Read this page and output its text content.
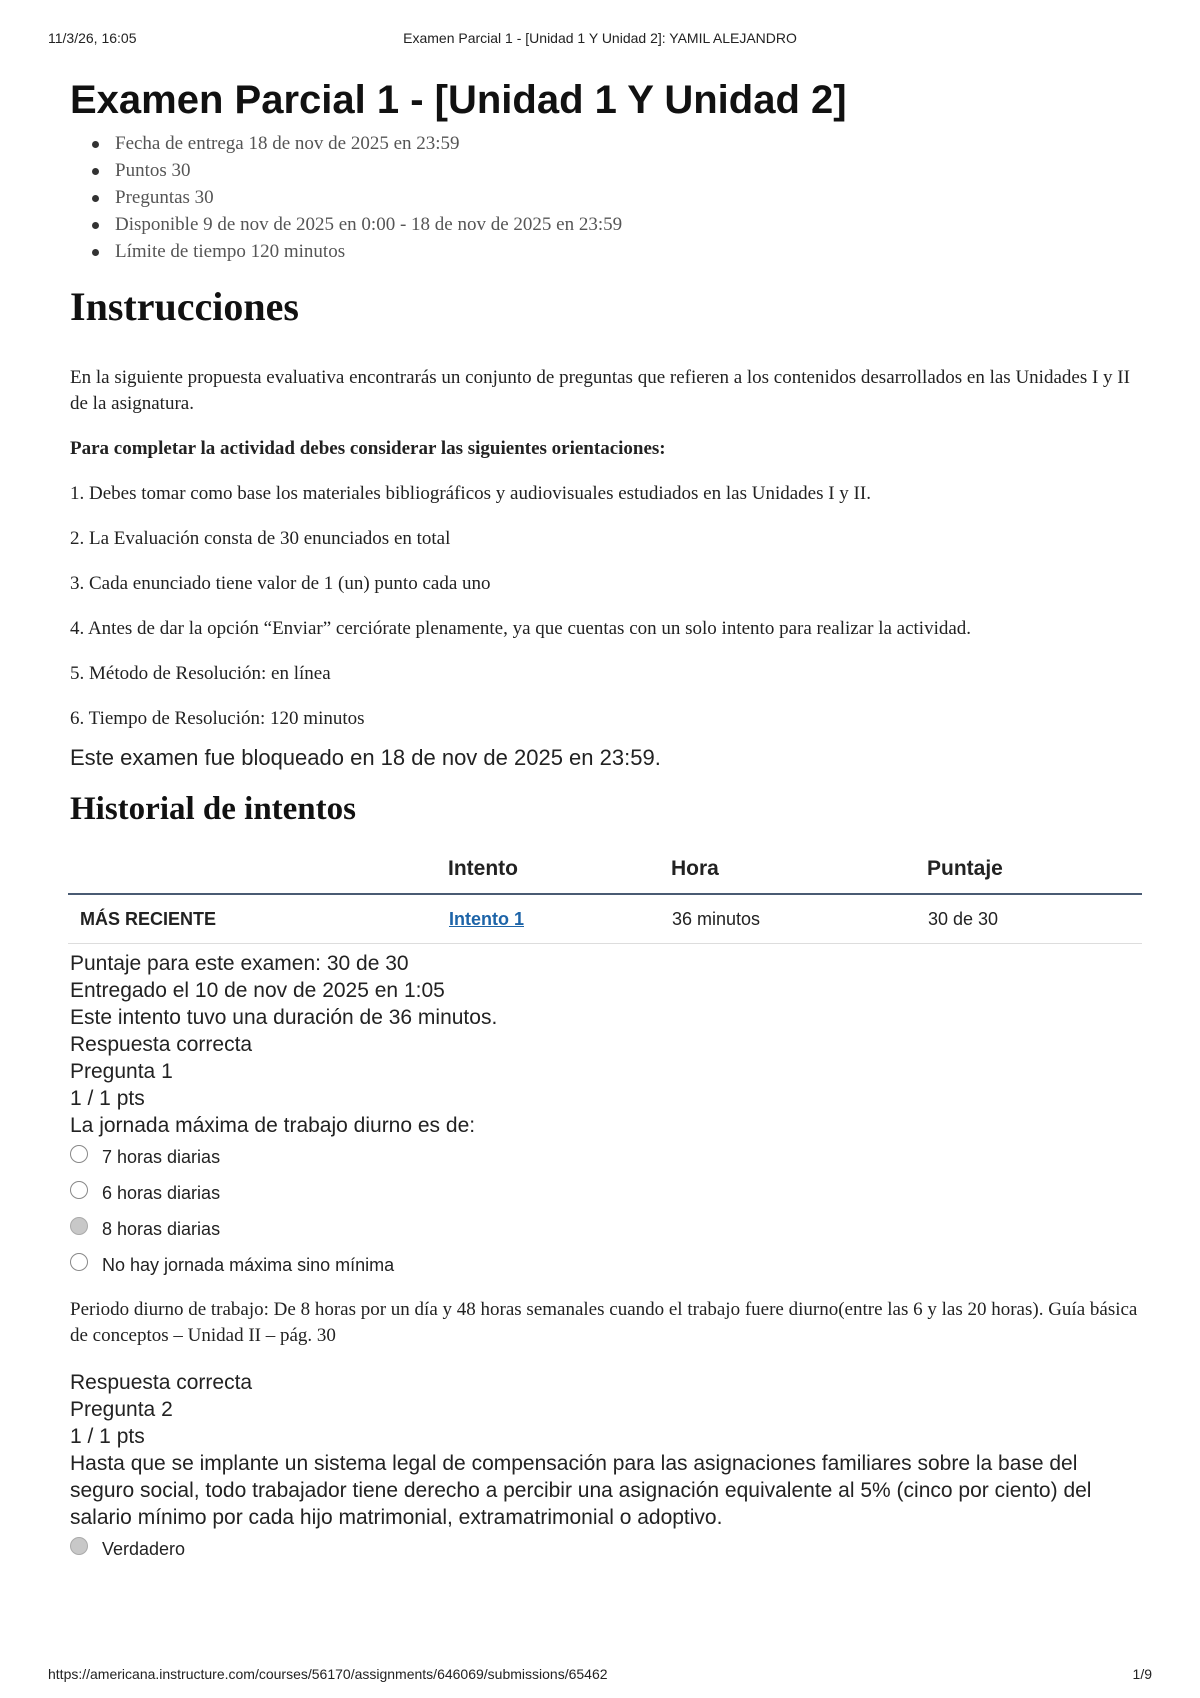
11/3/26, 16:05	Examen Parcial 1 - [Unidad 1 Y Unidad 2]: YAMIL ALEJANDRO
Examen Parcial 1 - [Unidad 1 Y Unidad 2]
Fecha de entrega 18 de nov de 2025 en 23:59
Puntos 30
Preguntas 30
Disponible 9 de nov de 2025 en 0:00 - 18 de nov de 2025 en 23:59
Límite de tiempo 120 minutos
Instrucciones

En la siguiente propuesta evaluativa encontrarás un conjunto de preguntas que refieren a los contenidos desarrollados en las Unidades I y II de la asignatura.

Para completar la actividad debes considerar las siguientes orientaciones:

1. Debes tomar como base los materiales bibliográficos y audiovisuales estudiados en las Unidades I y II.

2. La Evaluación consta de 30 enunciados en total

3. Cada enunciado tiene valor de 1 (un) punto cada uno

4. Antes de dar la opción “Enviar” cerciórate plenamente, ya que cuentas con un solo intento para realizar la actividad.

5. Método de Resolución: en línea

6. Tiempo de Resolución: 120 minutos

Este examen fue bloqueado en 18 de nov de 2025 en 23:59.
Historial de intentos
	Intento	Hora	Puntaje
MÁS RECIENTE	Intento 1	36 minutos	30 de 30
Puntaje para este examen: 30 de 30
Entregado el 10 de nov de 2025 en 1:05
Este intento tuvo una duración de 36 minutos.
Respuesta correcta
Pregunta 1
1 / 1 pts
La jornada máxima de trabajo diurno es de:
7 horas diarias
6 horas diarias
8 horas diarias
No hay jornada máxima sino mínima

Periodo diurno de trabajo: De 8 horas por un día y 48 horas semanales cuando el trabajo fuere diurno(entre las 6 y las 20 horas). Guía básica de conceptos – Unidad II – pág. 30

Respuesta correcta
Pregunta 2
1 / 1 pts
Hasta que se implante un sistema legal de compensación para las asignaciones familiares sobre la base del seguro social, todo trabajador tiene derecho a percibir una asignación equivalente al 5% (cinco por ciento) del salario mínimo por cada hijo matrimonial, extramatrimonial o adoptivo.
Verdadero
https://americana.instructure.com/courses/56170/assignments/646069/submissions/65462	1/9
